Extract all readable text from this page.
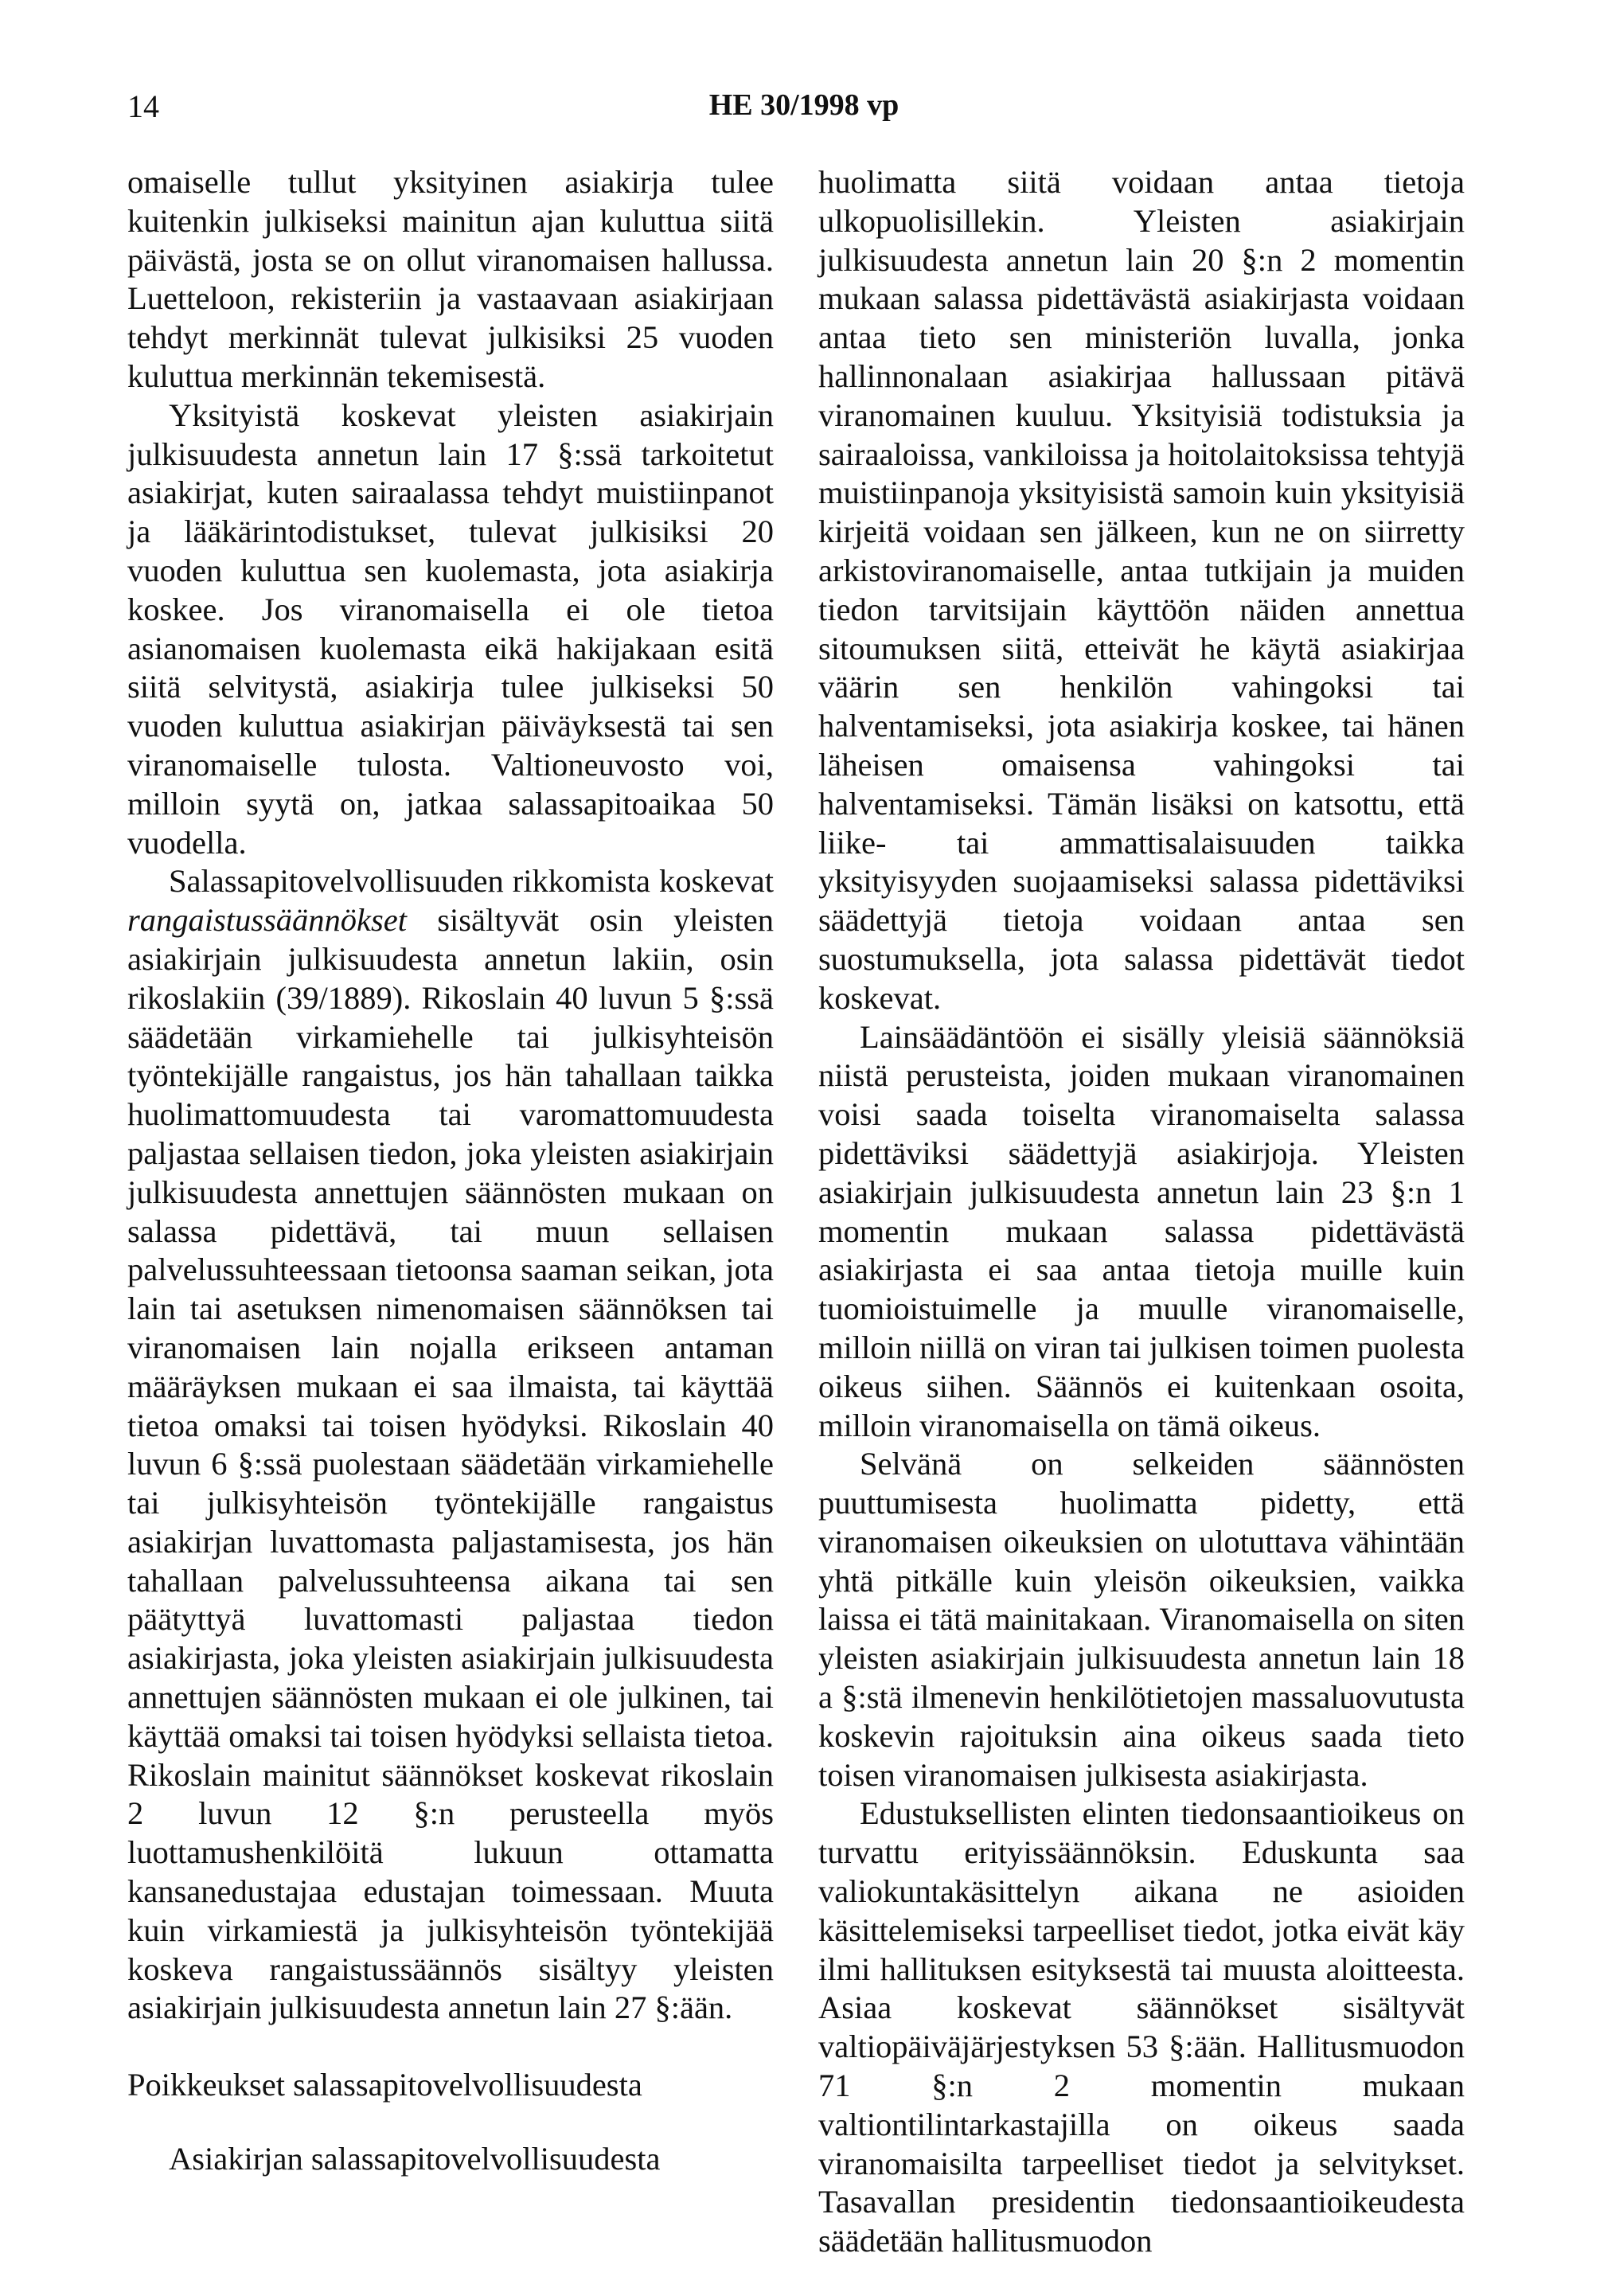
14	HE 30/1998 vp

omaiselle tullut yksityinen asiakirja tulee kuitenkin julkiseksi mainitun ajan kuluttua siitä päivästä, josta se on ollut viranomaisen hallussa. Luetteloon, rekisteriin ja vastaavaan asiakirjaan tehdyt merkinnät tulevat julkisiksi 25 vuoden kuluttua merkinnän tekemisestä.

Yksityistä koskevat yleisten asiakirjain julkisuudesta annetun lain 17 §:ssä tarkoitetut asiakirjat, kuten sairaalassa tehdyt muistiinpanot ja lääkärintodistukset, tulevat julkisiksi 20 vuoden kuluttua sen kuolemasta, jota asiakirja koskee. Jos viranomaisella ei ole tietoa asianomaisen kuolemasta eikä hakijakaan esitä siitä selvitystä, asiakirja tulee julkiseksi 50 vuoden kuluttua asiakirjan päiväyksestä tai sen viranomaiselle tulosta. Valtioneuvosto voi, milloin syytä on, jatkaa salassapitoaikaa 50 vuodella.

Salassapitovelvollisuuden rikkomista koskevat rangaistussäännökset sisältyvät osin yleisten asiakirjain julkisuudesta annetun lakiin, osin rikoslakiin (39/1889). Rikoslain 40 luvun 5 §:ssä säädetään virkamiehelle tai julkisyhteisön työntekijälle rangaistus, jos hän tahallaan taikka huolimattomuudesta tai varomattomuudesta paljastaa sellaisen tiedon, joka yleisten asiakirjain julkisuudesta annettujen säännösten mukaan on salassa pidettävä, tai muun sellaisen palvelussuhteessaan tietoonsa saaman seikan, jota lain tai asetuksen nimenomaisen säännöksen tai viranomaisen lain nojalla erikseen antaman määräyksen mukaan ei saa ilmaista, tai käyttää tietoa omaksi tai toisen hyödyksi. Rikoslain 40 luvun 6 §:ssä puolestaan säädetään virkamiehelle tai julkisyhteisön työntekijälle rangaistus asiakirjan luvattomasta paljastamisesta, jos hän tahallaan palvelussuhteensa aikana tai sen päätyttyä luvattomasti paljastaa tiedon asiakirjasta, joka yleisten asiakirjain julkisuudesta annettujen säännösten mukaan ei ole julkinen, tai käyttää omaksi tai toisen hyödyksi sellaista tietoa. Rikoslain mainitut säännökset koskevat rikoslain 2 luvun 12 §:n perusteella myös luottamushenkilöitä lukuun ottamatta kansanedustajaa edustajan toimessaan. Muuta kuin virkamiestä ja julkisyhteisön työntekijää koskeva rangaistussäännös sisältyy yleisten asiakirjain julkisuudesta annetun lain 27 §:ään.

Poikkeukset salassapitovelvollisuudesta

Asiakirjan salassapitovelvollisuudesta

huolimatta siitä voidaan antaa tietoja ulkopuolisillekin. Yleisten asiakirjain julkisuudesta annetun lain 20 §:n 2 momentin mukaan salassa pidettävästä asiakirjasta voidaan antaa tieto sen ministeriön luvalla, jonka hallinnonalaan asiakirjaa hallussaan pitävä viranomainen kuuluu. Yksityisiä todistuksia ja sairaaloissa, vankiloissa ja hoitolaitoksissa tehtyjä muistiinpanoja yksityisistä samoin kuin yksityisiä kirjeitä voidaan sen jälkeen, kun ne on siirretty arkistoviranomaiselle, antaa tutkijain ja muiden tiedon tarvitsijain käyttöön näiden annettua sitoumuksen siitä, etteivät he käytä asiakirjaa väärin sen henkilön vahingoksi tai halventamiseksi, jota asiakirja koskee, tai hänen läheisen omaisensa vahingoksi tai halventamiseksi. Tämän lisäksi on katsottu, että liike- tai ammattisalaisuuden taikka yksityisyyden suojaamiseksi salassa pidettäviksi säädettyjä tietoja voidaan antaa sen suostumuksella, jota salassa pidettävät tiedot koskevat.

Lainsäädäntöön ei sisälly yleisiä säännöksiä niistä perusteista, joiden mukaan viranomainen voisi saada toiselta viranomaiselta salassa pidettäviksi säädettyjä asiakirjoja. Yleisten asiakirjain julkisuudesta annetun lain 23 §:n 1 momentin mukaan salassa pidettävästä asiakirjasta ei saa antaa tietoja muille kuin tuomioistuimelle ja muulle viranomaiselle, milloin niillä on viran tai julkisen toimen puolesta oikeus siihen. Säännös ei kuitenkaan osoita, milloin viranomaisella on tämä oikeus.

Selvänä on selkeiden säännösten puuttumisesta huolimatta pidetty, että viranomaisen oikeuksien on ulotuttava vähintään yhtä pitkälle kuin yleisön oikeuksien, vaikka laissa ei tätä mainitakaan. Viranomaisella on siten yleisten asiakirjain julkisuudesta annetun lain 18 a §:stä ilmenevin henkilötietojen massaluovutusta koskevin rajoituksin aina oikeus saada tieto toisen viranomaisen julkisesta asiakirjasta.

Edustuksellisten elinten tiedonsaantioikeus on turvattu erityissäännöksin. Eduskunta saa valiokuntakäsittelyn aikana ne asioiden käsittelemiseksi tarpeelliset tiedot, jotka eivät käy ilmi hallituksen esityksestä tai muusta aloitteesta. Asiaa koskevat säännökset sisältyvät valtiopäiväjärjestyksen 53 §:ään. Hallitusmuodon 71 §:n 2 momentin mukaan valtiontilintarkastajilla on oikeus saada viranomaisilta tarpeelliset tiedot ja selvitykset. Tasavallan presidentin tiedonsaantioikeudesta säädetään hallitusmuodon
